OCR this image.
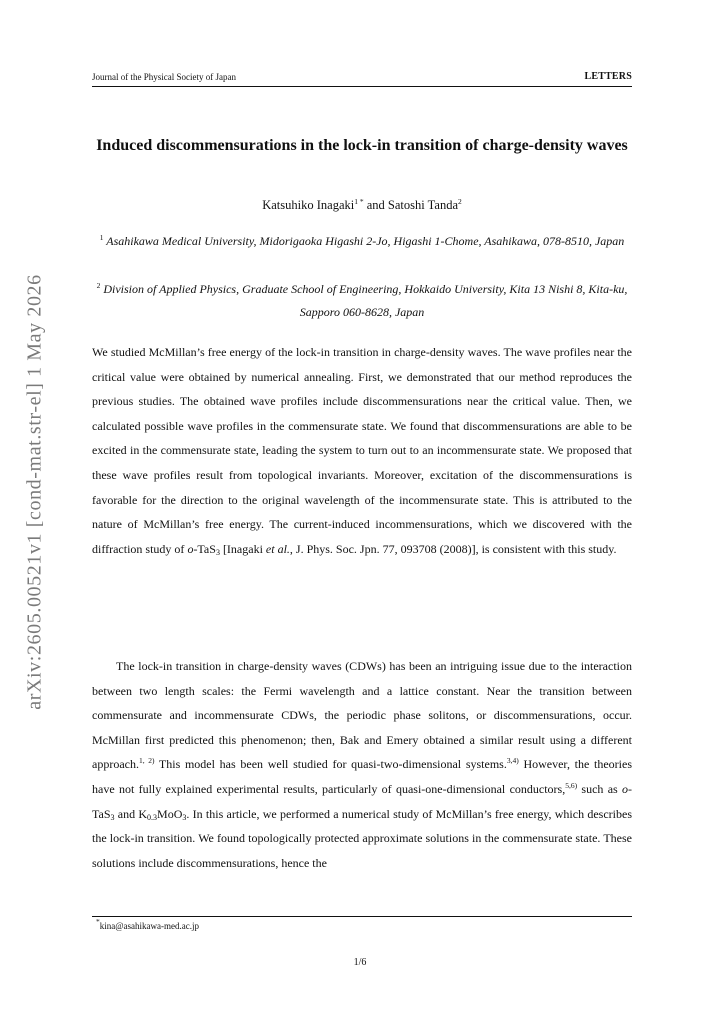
Journal of the Physical Society of Japan	LETTERS
arXiv:2605.00521v1 [cond-mat.str-el] 1 May 2026
Induced discommensurations in the lock-in transition of charge-density waves
Katsuhiko Inagaki$^{1 *}$ and Satoshi Tanda$^2$
$^1$ Asahikawa Medical University, Midorigaoka Higashi 2-Jo, Higashi 1-Chome, Asahikawa, 078-8510, Japan
$^2$ Division of Applied Physics, Graduate School of Engineering, Hokkaido University, Kita 13 Nishi 8, Kita-ku, Sapporo 060-8628, Japan
We studied McMillan’s free energy of the lock-in transition in charge-density waves. The wave profiles near the critical value were obtained by numerical annealing. First, we demonstrated that our method reproduces the previous studies. The obtained wave profiles include discommensurations near the critical value. Then, we calculated possible wave profiles in the commensurate state. We found that discommensurations are able to be excited in the commensurate state, leading the system to turn out to an incommensurate state. We proposed that these wave profiles result from topological invariants. Moreover, excitation of the discommensurations is favorable for the direction to the original wavelength of the incommensurate state. This is attributed to the nature of McMillan’s free energy. The current-induced incommensurations, which we discovered with the diffraction study of o-TaS$_3$ [Inagaki et al., J. Phys. Soc. Jpn. 77, 093708 (2008)], is consistent with this study.
The lock-in transition in charge-density waves (CDWs) has been an intriguing issue due to the interaction between two length scales: the Fermi wavelength and a lattice constant. Near the transition between commensurate and incommensurate CDWs, the periodic phase solitons, or discommensurations, occur. McMillan first predicted this phenomenon; then, Bak and Emery obtained a similar result using a different approach.$^{1, 2)}$ This model has been well studied for quasi-two-dimensional systems.$^{3,4)}$ However, the theories have not fully explained experimental results, particularly of quasi-one-dimensional conductors,$^{5,6)}$ such as o-TaS$_3$ and $K_{0.3}MoO_3$. In this article, we performed a numerical study of McMillan’s free energy, which describes the lock-in transition. We found topologically protected approximate solutions in the commensurate state. These solutions include discommensurations, hence the
*kina@asahikawa-med.ac.jp
1/6
